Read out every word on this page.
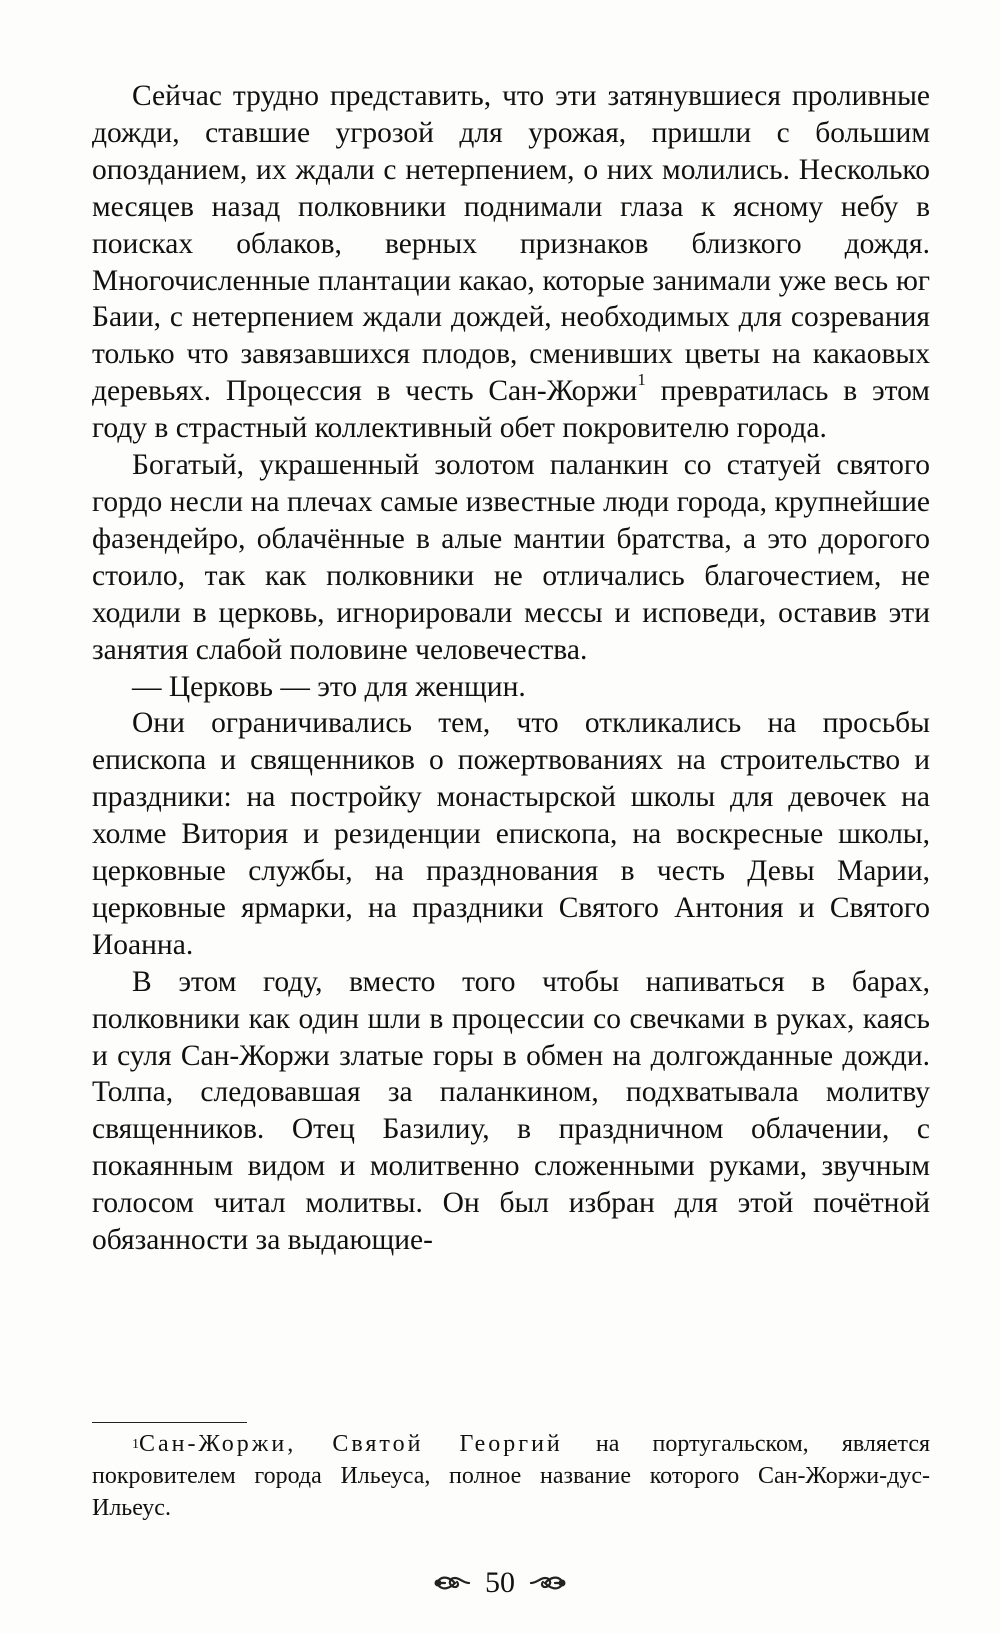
Сейчас трудно представить, что эти затянувшиеся проливные дожди, ставшие угрозой для урожая, пришли с большим опозданием, их ждали с нетерпением, о них молились. Несколько месяцев назад полковники поднимали глаза к ясному небу в поисках облаков, верных признаков близкого дождя. Многочисленные плантации какао, которые занимали уже весь юг Баии, с нетерпением ждали дождей, необходимых для созревания только что завязавшихся плодов, сменивших цветы на какаовых деревьях. Процессия в честь Сан-Жоржи$^1$ превратилась в этом году в страстный коллективный обет покровителю города.

Богатый, украшенный золотом паланкин со статуей святого гордо несли на плечах самые известные люди города, крупнейшие фазендейро, облачённые в алые мантии братства, а это дорогого стоило, так как полковники не отличались благочестием, не ходили в церковь, игнорировали мессы и исповеди, оставив эти занятия слабой половине человечества.

— Церковь — это для женщин.

Они ограничивались тем, что откликались на просьбы епископа и священников о пожертвованиях на строительство и праздники: на постройку монастырской школы для девочек на холме Витория и резиденции епископа, на воскресные школы, церковные службы, на празднования в честь Девы Марии, церковные ярмарки, на праздники Святого Антония и Святого Иоанна.

В этом году, вместо того чтобы напиваться в барах, полковники как один шли в процессии со свечками в руках, каясь и суля Сан-Жоржи златые горы в обмен на долгожданные дожди. Толпа, следовавшая за паланкином, подхватывала молитву священников. Отец Базилиу, в праздничном облачении, с покаянным видом и молитвенно сложенными руками, звучным голосом читал молитвы. Он был избран для этой почётной обязанности за выдающие-

$^1$Сан-Жоржи, Святой Георгий на португальском, является покровителем города Ильеуса, полное название которого Сан-Жоржи-дус-Ильеус.

50
